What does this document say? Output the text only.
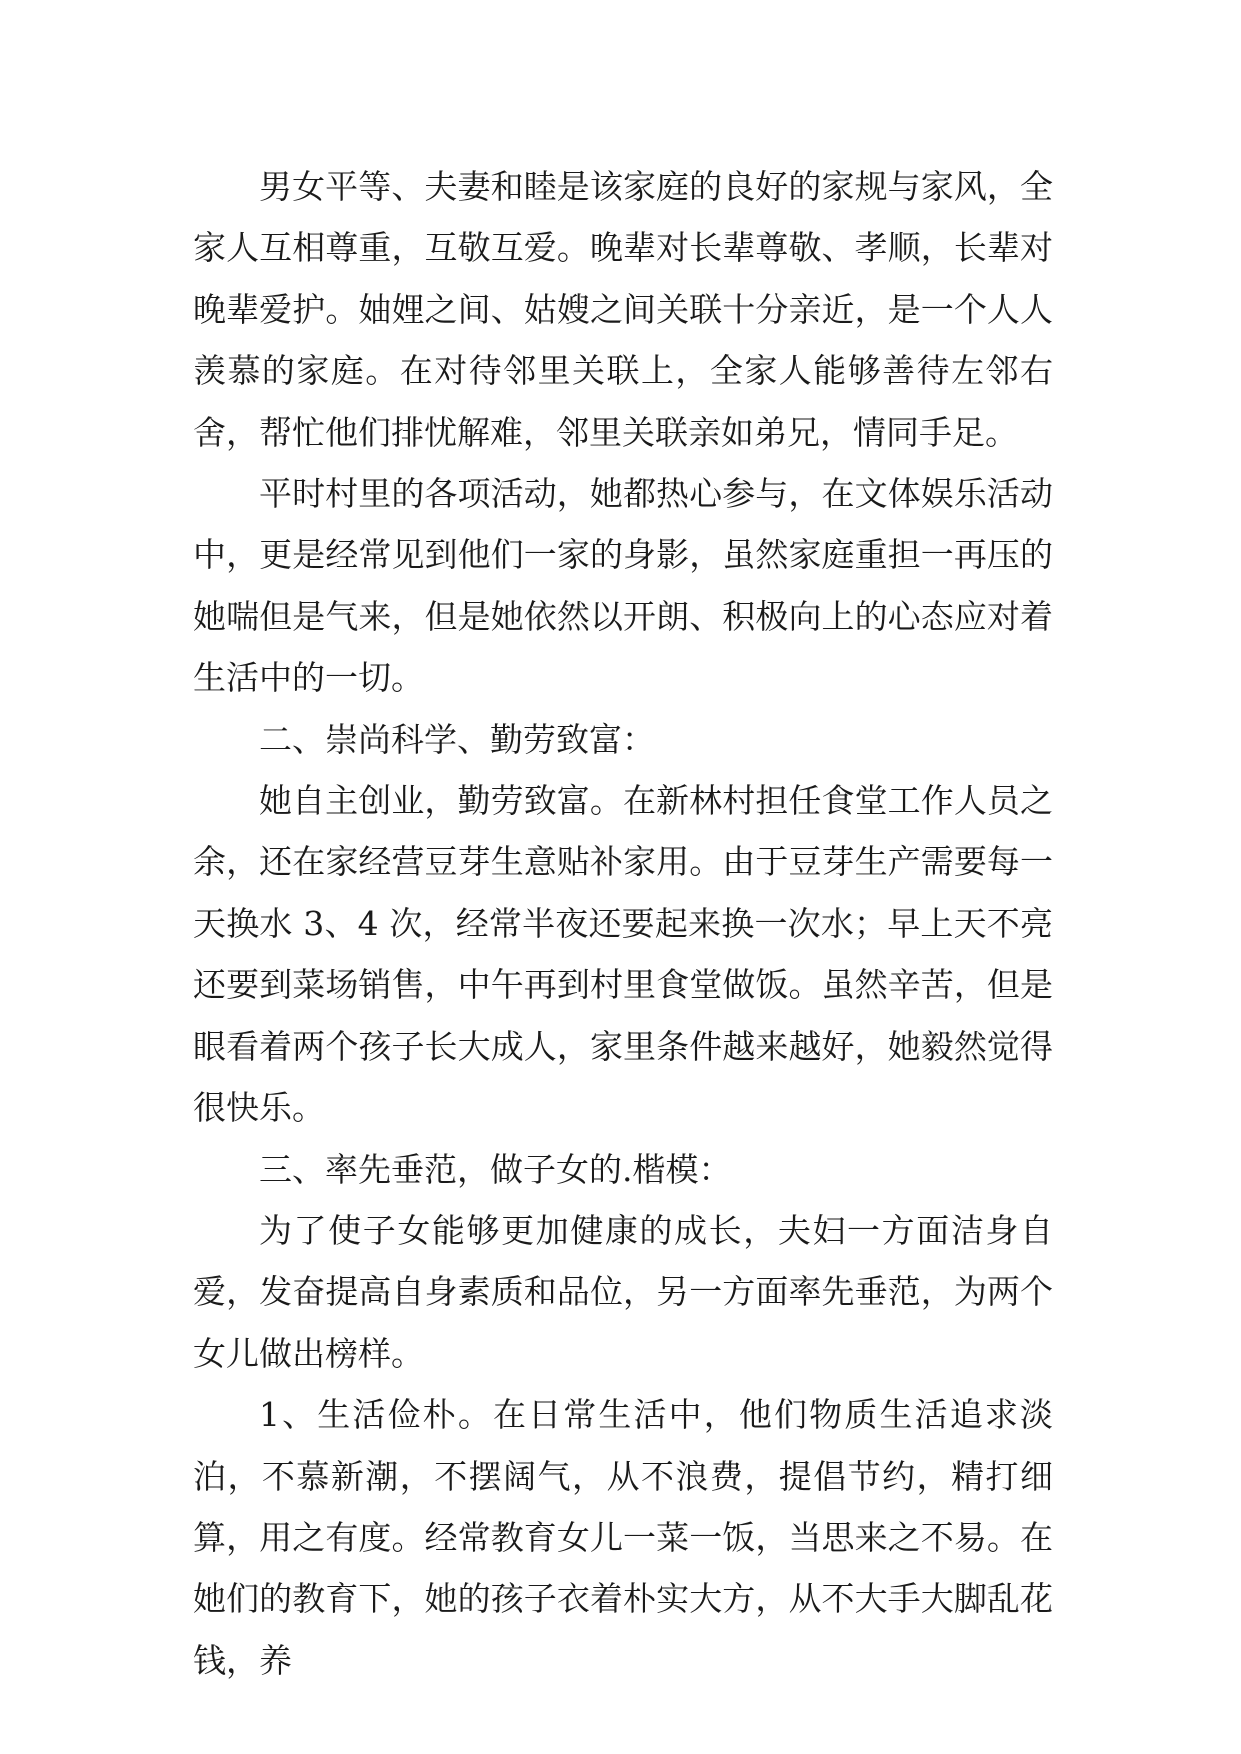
男女平等、夫妻和睦是该家庭的良好的家规与家风，全家人互相尊重，互敬互爱。晚辈对长辈尊敬、孝顺，长辈对晚辈爱护。妯娌之间、姑嫂之间关联十分亲近，是一个人人羡慕的家庭。在对待邻里关联上，全家人能够善待左邻右舍，帮忙他们排忧解难，邻里关联亲如弟兄，情同手足。

平时村里的各项活动，她都热心参与，在文体娱乐活动中，更是经常见到他们一家的身影，虽然家庭重担一再压的她喘但是气来，但是她依然以开朗、积极向上的心态应对着生活中的一切。

二、崇尚科学、勤劳致富：

她自主创业，勤劳致富。在新林村担任食堂工作人员之余，还在家经营豆芽生意贴补家用。由于豆芽生产需要每一天换水 3、4 次，经常半夜还要起来换一次水；早上天不亮还要到菜场销售，中午再到村里食堂做饭。虽然辛苦，但是眼看着两个孩子长大成人，家里条件越来越好，她毅然觉得很快乐。

三、率先垂范，做子女的.楷模：

为了使子女能够更加健康的成长，夫妇一方面洁身自爱，发奋提高自身素质和品位，另一方面率先垂范，为两个女儿做出榜样。

1、生活俭朴。在日常生活中，他们物质生活追求淡泊，不慕新潮，不摆阔气，从不浪费，提倡节约，精打细算，用之有度。经常教育女儿一菜一饭，当思来之不易。在她们的教育下，她的孩子衣着朴实大方，从不大手大脚乱花钱，养
